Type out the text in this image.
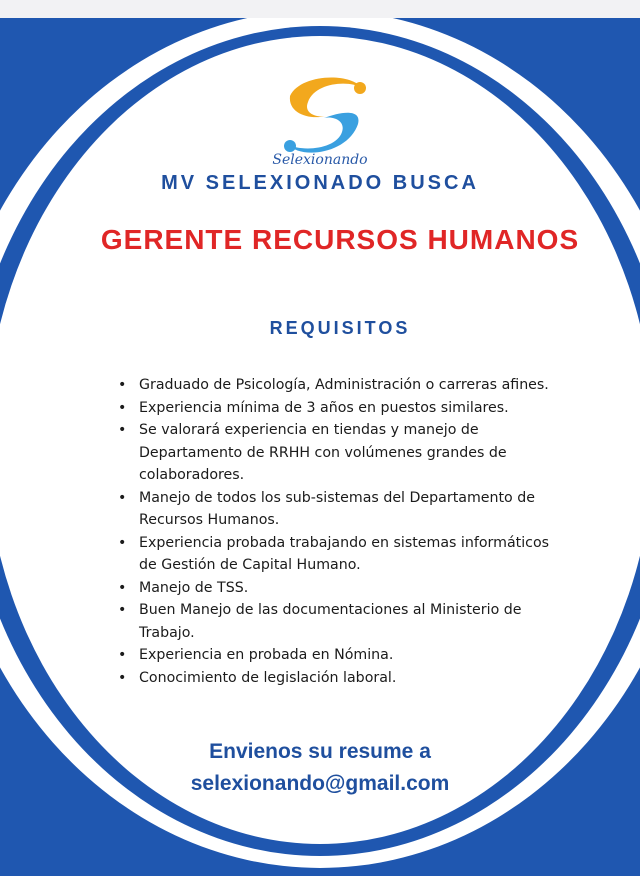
Selexionando
MV SELEXIONADO BUSCA
GERENTE RECURSOS HUMANOS
REQUISITOS
• Graduado de Psicología, Administración o carreras afines.
• Experiencia mínima de 3 años en puestos similares.
• Se valorará experiencia en tiendas y manejo de Departamento de RRHH con volúmenes grandes de colaboradores.
• Manejo de todos los sub-sistemas del Departamento de Recursos Humanos.
• Experiencia probada trabajando en sistemas informáticos de Gestión de Capital Humano.
• Manejo de TSS.
• Buen Manejo de las documentaciones al Ministerio de Trabajo.
• Experiencia en probada en Nómina.
• Conocimiento de legislación laboral.
Envienos su resume a
selexionando@gmail.com
